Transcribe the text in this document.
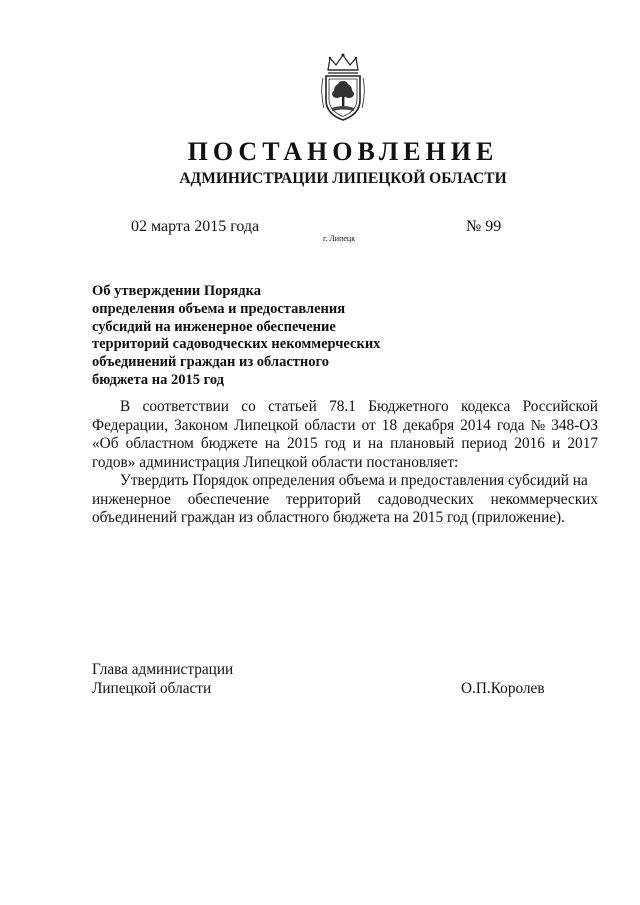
ПОСТАНОВЛЕНИЕ
АДМИНИСТРАЦИИ ЛИПЕЦКОЙ ОБЛАСТИ
02 марта 2015 года
г. Липецк
№ 99
Об утверждении Порядка
определения объема и предоставления
субсидий на инженерное обеспечение
территорий садоводческих некоммерческих
объединений граждан из областного
бюджета на 2015 год
В соответствии со статьей 78.1 Бюджетного кодекса Российской
Федерации, Законом Липецкой области от 18 декабря 2014 года № 348-ОЗ
«Об областном бюджете на 2015 год и на плановый период 2016 и 2017
годов» администрация Липецкой области постановляет:
Утвердить Порядок определения объема и предоставления субсидий на
инженерное обеспечение территорий садоводческих некоммерческих
объединений граждан из областного бюджета на 2015 год (приложение).
Глава администрации
Липецкой области	О.П.Королев
